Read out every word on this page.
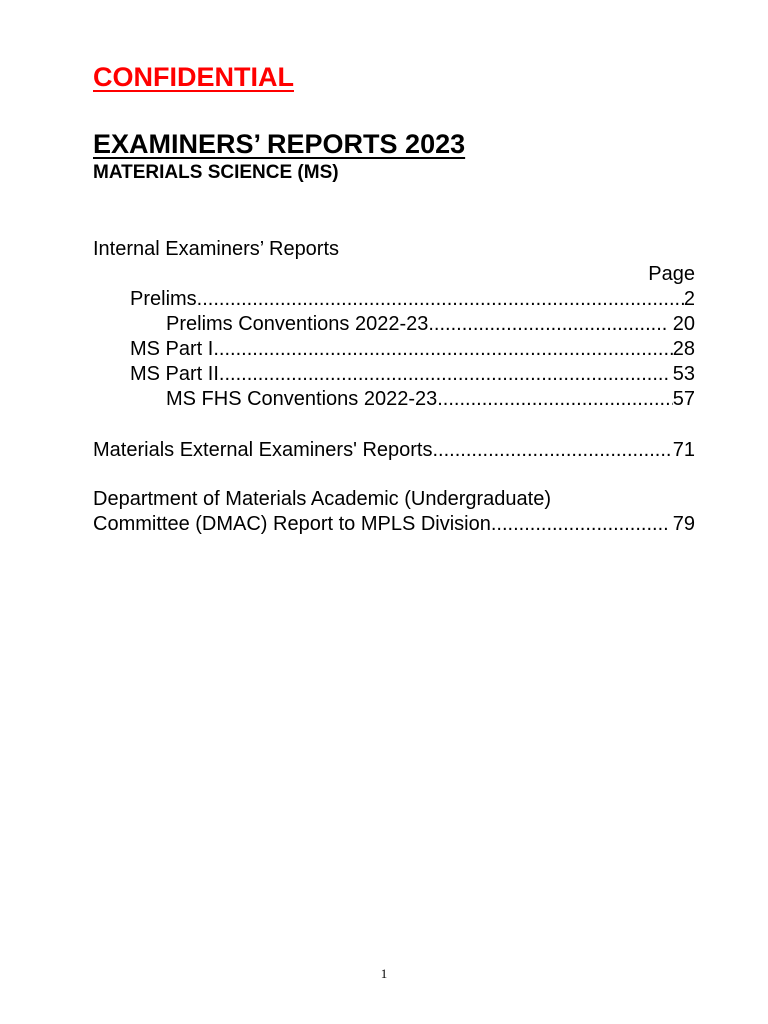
CONFIDENTIAL
EXAMINERS’ REPORTS 2023
MATERIALS SCIENCE (MS)
Internal Examiners’ Reports
Page
Prelims .....	2
Prelims Conventions 2022-23 .....	20
MS Part I .....	28
MS Part II .....	53
MS FHS Conventions 2022-23 .....	57
Materials External Examiners' Reports .....	71
Department of Materials Academic (Undergraduate)
Committee (DMAC) Report to MPLS Division .....	79
1
